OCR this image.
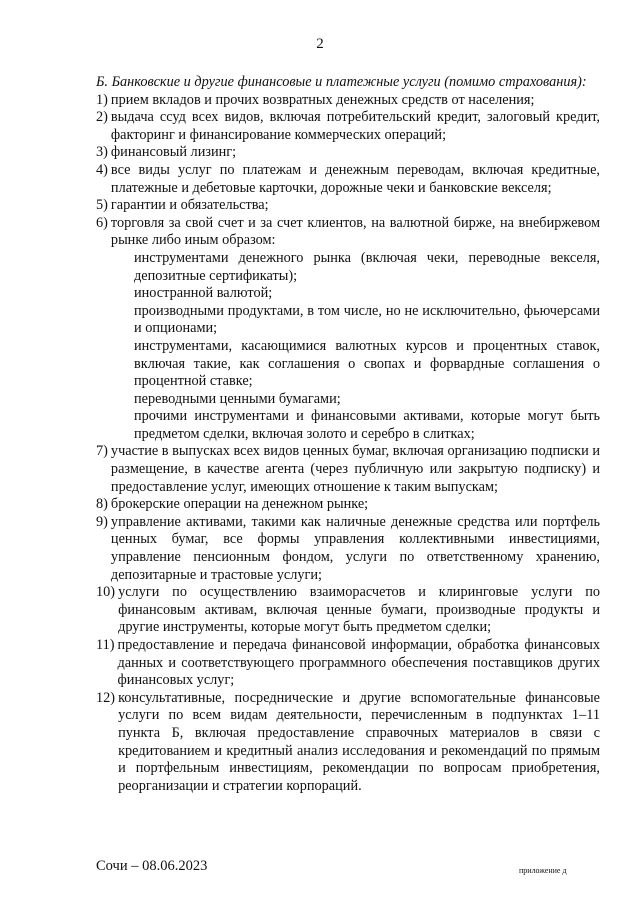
2

Б. Банковские и другие финансовые и платежные услуги (помимо страхования):

1) прием вкладов и прочих возвратных денежных средств от населения;
2) выдача ссуд всех видов, включая потребительский кредит, залоговый кредит, факторинг и финансирование коммерческих операций;
3) финансовый лизинг;
4) все виды услуг по платежам и денежным переводам, включая кредитные, платежные и дебетовые карточки, дорожные чеки и банковские векселя;
5) гарантии и обязательства;
6) торговля за свой счет и за счет клиентов, на валютной бирже, на внебиржевом рынке либо иным образом:
инструментами денежного рынка (включая чеки, переводные векселя, депозитные сертификаты);
иностранной валютой;
производными продуктами, в том числе, но не исключительно, фьючерсами и опционами;
инструментами, касающимися валютных курсов и процентных ставок, включая такие, как соглашения о свопах и форвардные соглашения о процентной ставке;
переводными ценными бумагами;
прочими инструментами и финансовыми активами, которые могут быть предметом сделки, включая золото и серебро в слитках;
7) участие в выпусках всех видов ценных бумаг, включая организацию подписки и размещение, в качестве агента (через публичную или закрытую подписку) и предоставление услуг, имеющих отношение к таким выпускам;
8) брокерские операции на денежном рынке;
9) управление активами, такими как наличные денежные средства или портфель ценных бумаг, все формы управления коллективными инвестициями, управление пенсионным фондом, услуги по ответственному хранению, депозитарные и трастовые услуги;
10) услуги по осуществлению взаиморасчетов и клиринговые услуги по финансовым активам, включая ценные бумаги, производные продукты и другие инструменты, которые могут быть предметом сделки;
11) предоставление и передача финансовой информации, обработка финансовых данных и соответствующего программного обеспечения поставщиков других финансовых услуг;
12) консультативные, посреднические и другие вспомогательные финансовые услуги по всем видам деятельности, перечисленным в подпунктах 1–11 пункта Б, включая предоставление справочных материалов в связи с кредитованием и кредитный анализ исследования и рекомендаций по прямым и портфельным инвестициям, рекомендации по вопросам приобретения, реорганизации и стратегии корпораций.
Сочи – 08.06.2023	приложение д
